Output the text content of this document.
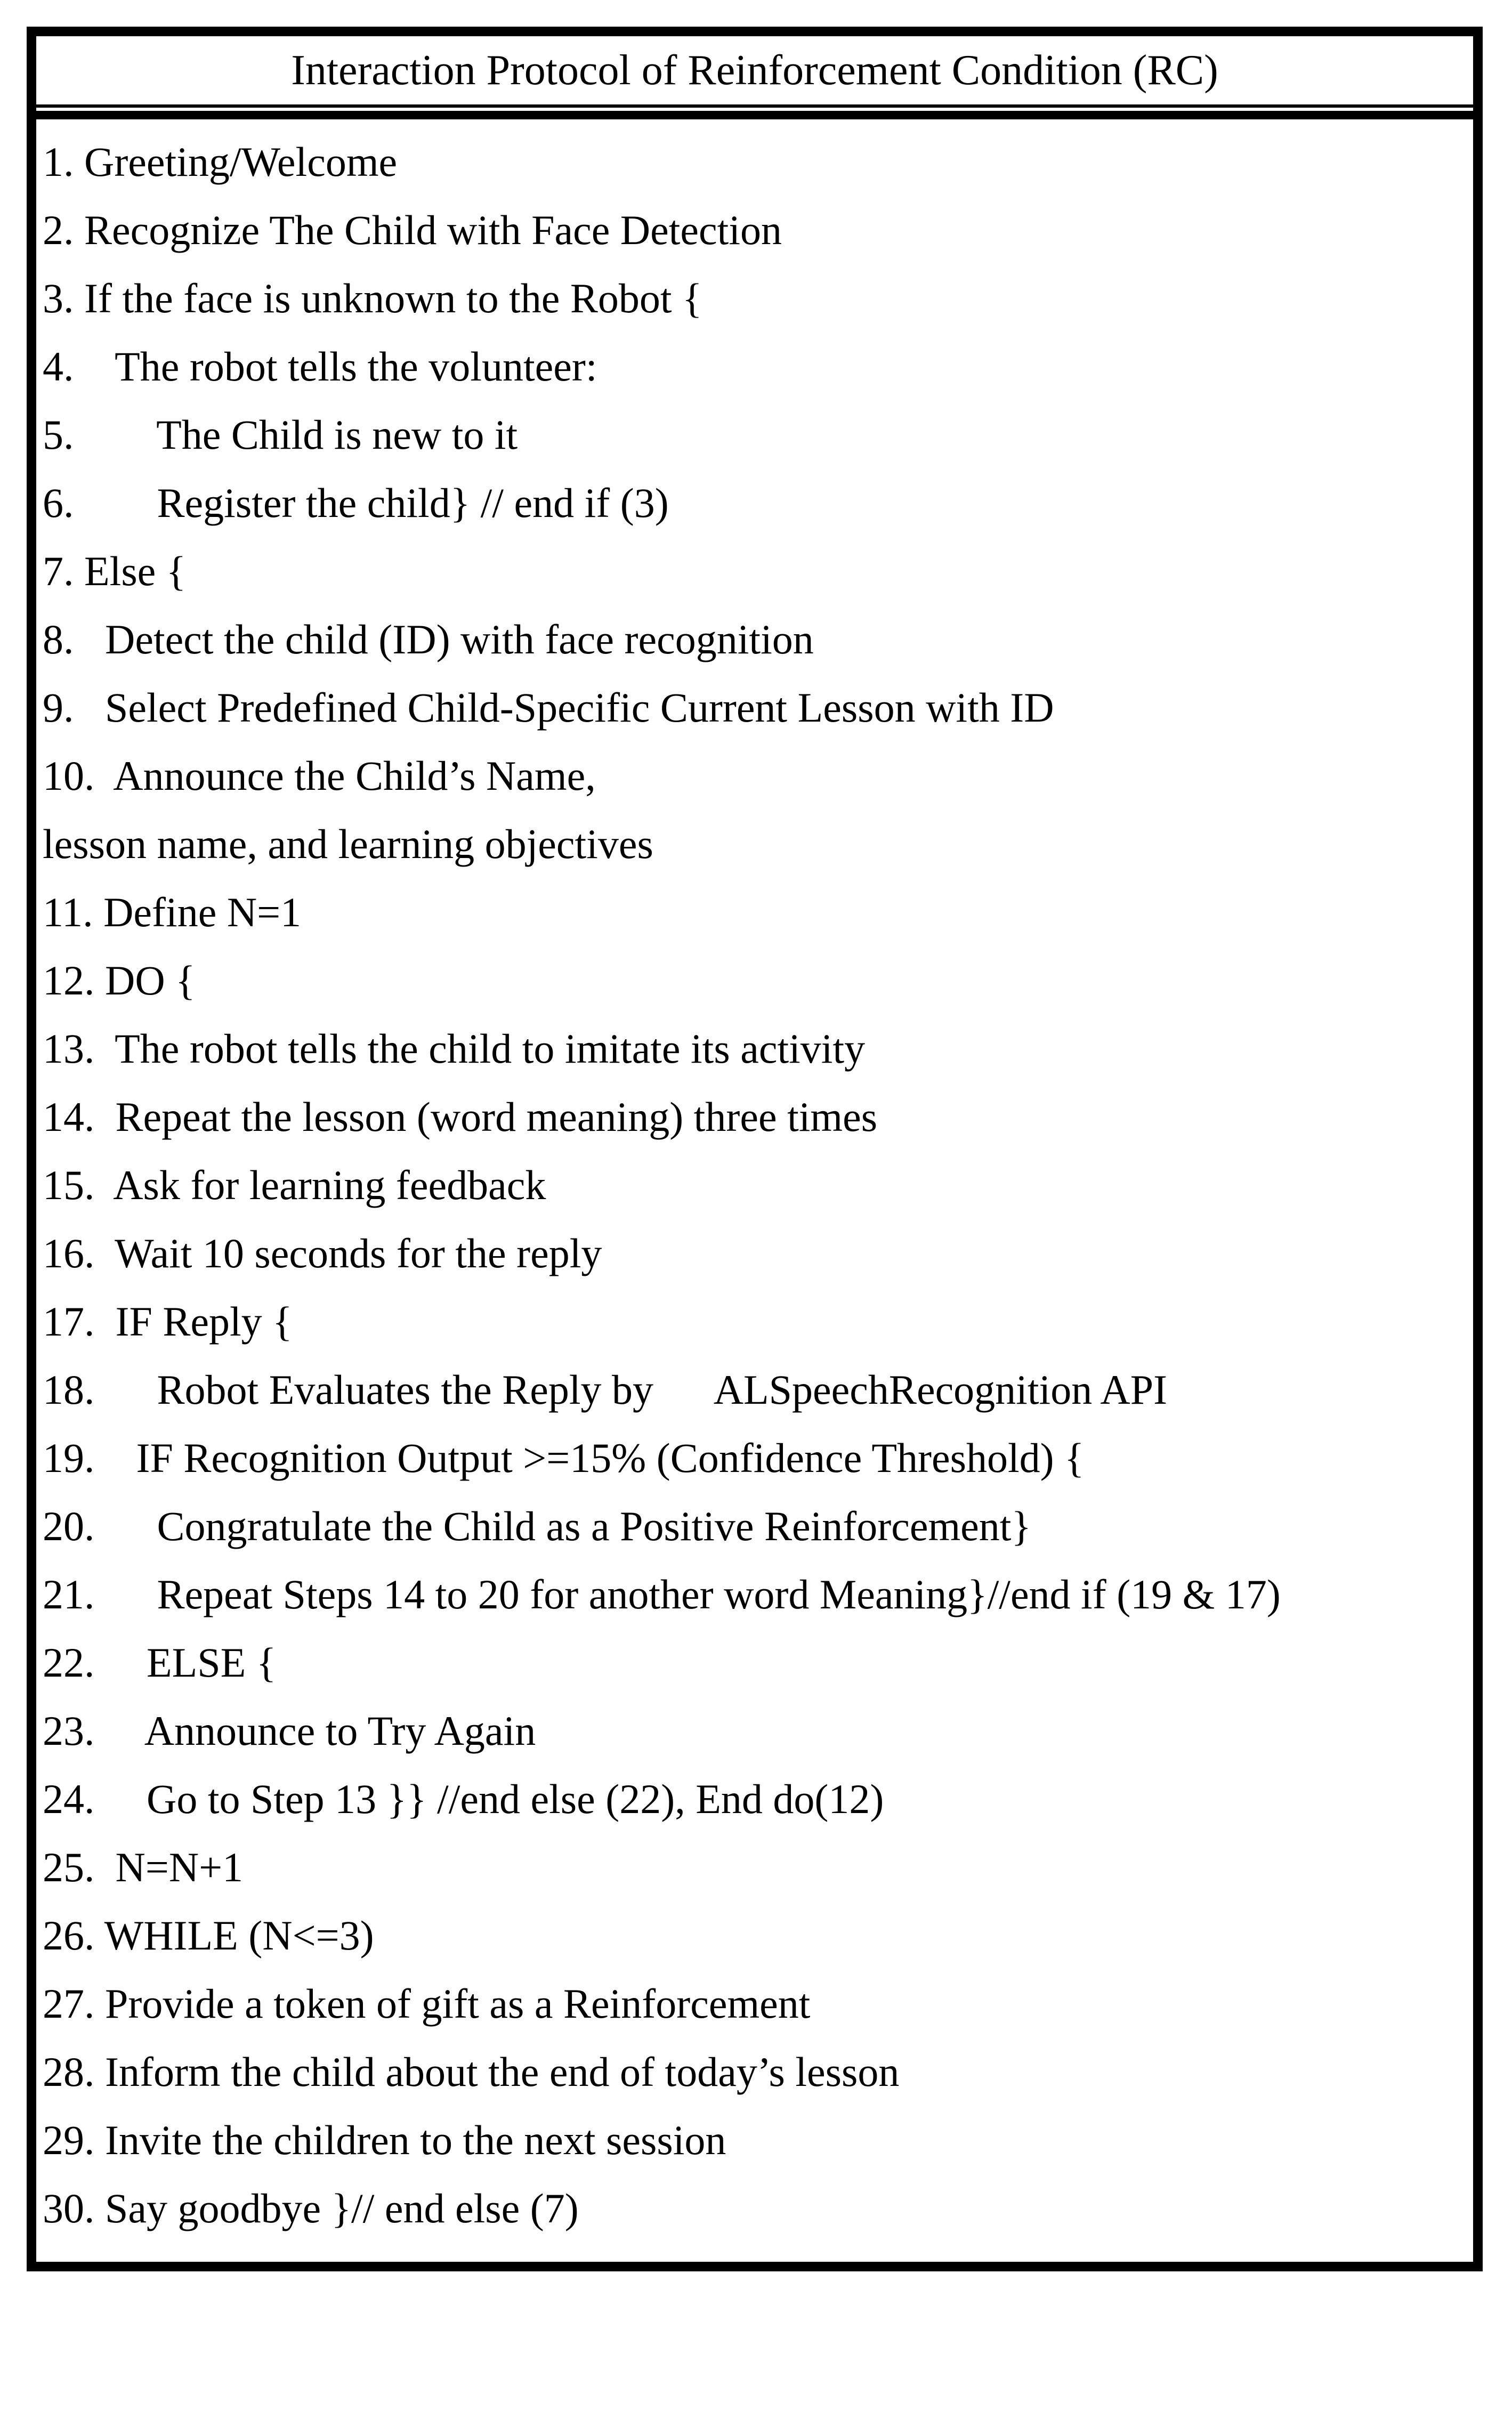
Interaction Protocol of Reinforcement Condition (RC)
1. Greeting/Welcome
2. Recognize The Child with Face Detection
3. If the face is unknown to the Robot {
4.    The robot tells the volunteer:
5.        The Child is new to it
6.        Register the child} // end if (3)
7. Else {
8.   Detect the child (ID) with face recognition
9.   Select Predefined Child-Specific Current Lesson with ID
10.  Announce the Child’s Name,
lesson name, and learning objectives
11. Define N=1
12. DO {
13.  The robot tells the child to imitate its activity
14.  Repeat the lesson (word meaning) three times
15.  Ask for learning feedback
16.  Wait 10 seconds for the reply
17.  IF Reply {
18.      Robot Evaluates the Reply by      ALSpeechRecognition API
19.    IF Recognition Output >=15% (Confidence Threshold) {
20.      Congratulate the Child as a Positive Reinforcement}
21.      Repeat Steps 14 to 20 for another word Meaning}//end if (19 & 17)
22.     ELSE {
23.     Announce to Try Again
24.     Go to Step 13 }} //end else (22), End do(12)
25.  N=N+1
26. WHILE (N<=3)
27. Provide a token of gift as a Reinforcement
28. Inform the child about the end of today’s lesson
29. Invite the children to the next session
30. Say goodbye }// end else (7)
